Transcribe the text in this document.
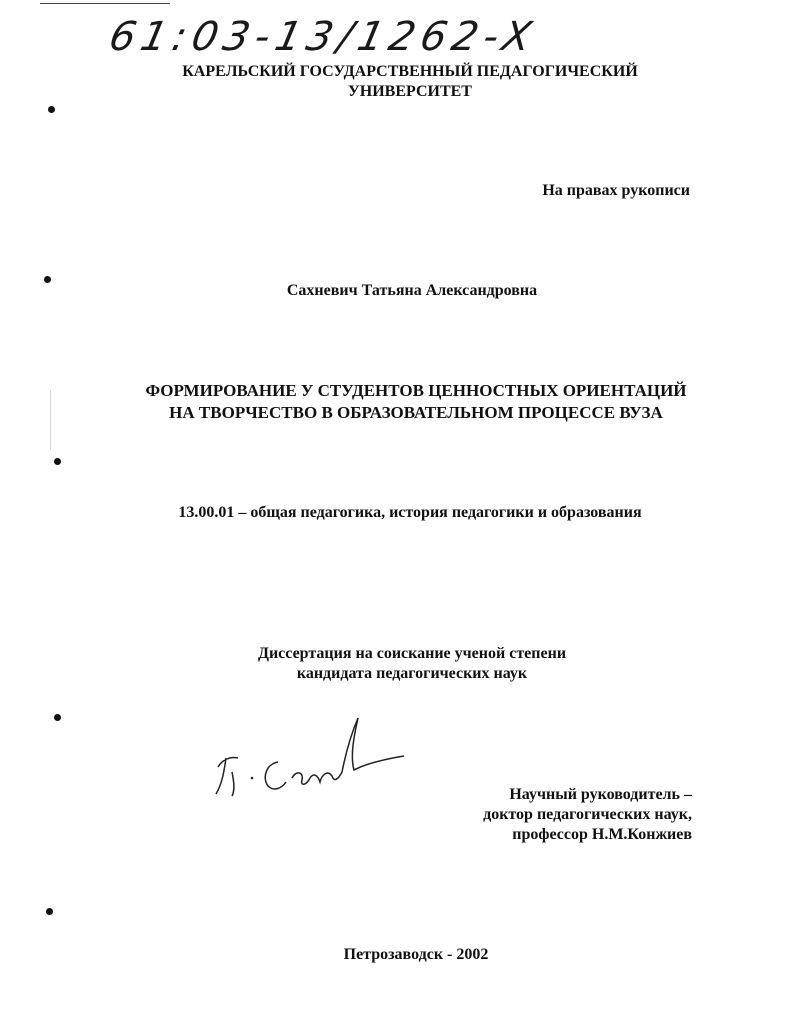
61:03-13/1262-X
КАРЕЛЬСКИЙ ГОСУДАРСТВЕННЫЙ ПЕДАГОГИЧЕСКИЙ
УНИВЕРСИТЕТ
На правах рукописи
Сахневич Татьяна Александровна
ФОРМИРОВАНИЕ У СТУДЕНТОВ ЦЕННОСТНЫХ ОРИЕНТАЦИЙ
НА ТВОРЧЕСТВО В ОБРАЗОВАТЕЛЬНОМ ПРОЦЕССЕ ВУЗА
13.00.01 – общая педагогика, история педагогики и образования
Диссертация на соискание ученой степени
кандидата педагогических наук
Научный руководитель –
доктор педагогических наук,
профессор Н.М.Конжиев
Петрозаводск - 2002
